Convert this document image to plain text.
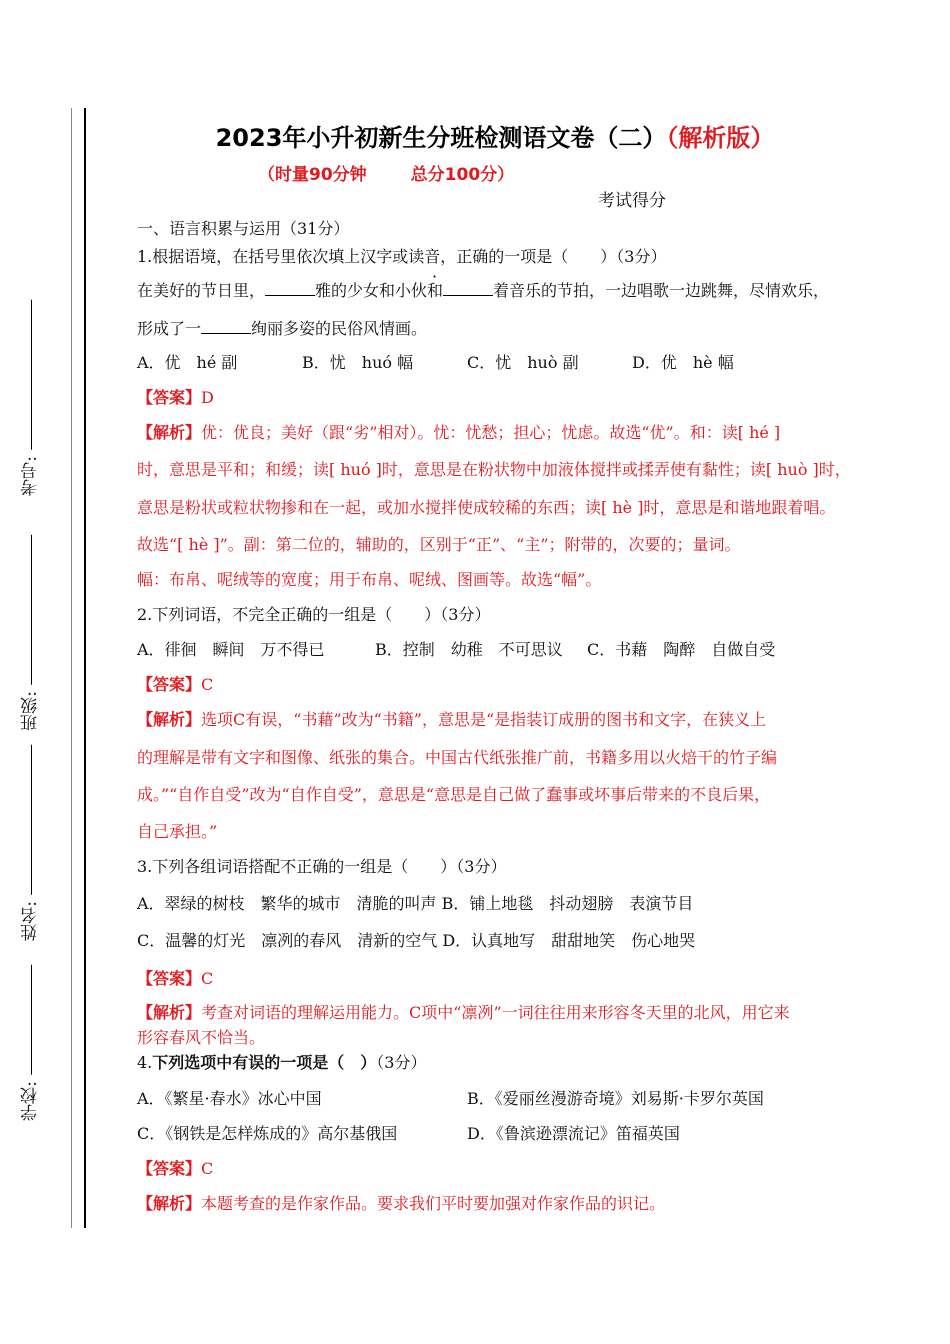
考号:
班级:
姓名:
学校:
2023年小升初新生分班检测语文卷（二）（解析版）
（时量90分钟	总分100分）
考试得分
一、语言积累与运用（31分）
1.根据语境，在括号里依次填上汉字或读音，正确的一项是（　　）（3分）
在美好的节日里，	雅的少女和小伙和	着音乐的节拍，一边唱歌一边跳舞，尽情欢乐，
形成了一	绚丽多姿的民俗风情画。
A．优　hé 副	B．忧　huó 幅	C．忧　huò 副	D．优　hè 幅
【答案】D
【解析】优：优良；美好（跟“劣”相对）。忧：忧愁；担心；忧虑。故选“优”。和：读[ hé ]
时，意思是平和；和缓；读[ huó ]时，意思是在粉状物中加液体搅拌或揉弄使有黏性；读[ huò ]时，
意思是粉状或粒状物掺和在一起，或加水搅拌使成较稀的东西；读[ hè ]时，意思是和谐地跟着唱。
故选“[ hè ]”。副：第二位的，辅助的，区别于“正”、“主”；附带的，次要的；量词。
幅：布帛、呢绒等的宽度；用于布帛、呢绒、图画等。故选“幅”。
2.下列词语，不完全正确的一组是（　　）（3分）
A．徘徊　瞬间　万不得已	B．控制　幼稚　不可思议 C．书藉　陶醉　自做自受
【答案】C
【解析】选项C有误，“书藉”改为“书籍”，意思是“是指装订成册的图书和文字，在狭义上
的理解是带有文字和图像、纸张的集合。中国古代纸张推广前，书籍多用以火焙干的竹子编
成。”“自作自受”改为“自作自受”，意思是“意思是自己做了蠢事或坏事后带来的不良后果，
自己承担。”
3.下列各组词语搭配不正确的一组是（　　）（3分）
A．翠绿的树枝　繁华的城市　清脆的叫声 B．铺上地毯　抖动翅膀　表演节目
C．温馨的灯光　凛冽的春风　清新的空气 D．认真地写　甜甜地笑　伤心地哭
【答案】C
【解析】考查对词语的理解运用能力。C项中“凛冽”一词往往用来形容冬天里的北风，用它来
形容春风不恰当。
4.下列选项中有误的一项是（　）（3分）
A．《繁星·春水》冰心中国	B．《爱丽丝漫游奇境》刘易斯·卡罗尔英国
C．《钢铁是怎样炼成的》高尔基俄国	D．《鲁滨逊漂流记》笛福英国
【答案】C
【解析】本题考查的是作家作品。要求我们平时要加强对作家作品的识记。
